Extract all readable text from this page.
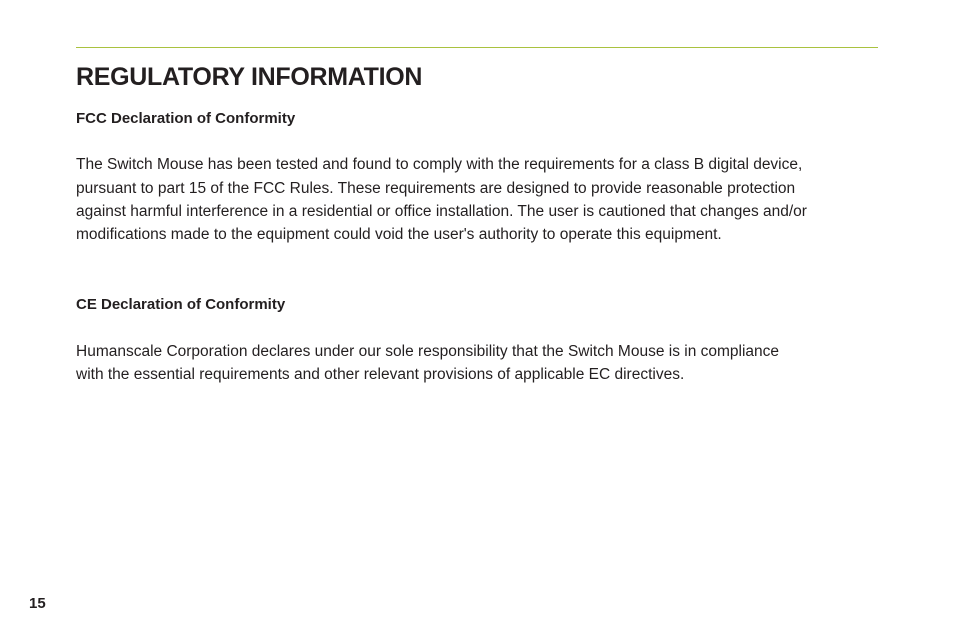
REGULATORY INFORMATION
FCC Declaration of Conformity

The Switch Mouse has been tested and found to comply with the requirements for a class B digital device,

pursuant to part 15 of the FCC Rules. These requirements are designed to provide reasonable protection

against harmful interference in a residential or office installation. The user is cautioned that changes and/or

modifications made to the equipment could void the user's authority to operate this equipment.

CE Declaration of Conformity

Humanscale Corporation declares under our sole responsibility that the Switch Mouse is in compliance

with the essential requirements and other relevant provisions of applicable EC directives.

15
